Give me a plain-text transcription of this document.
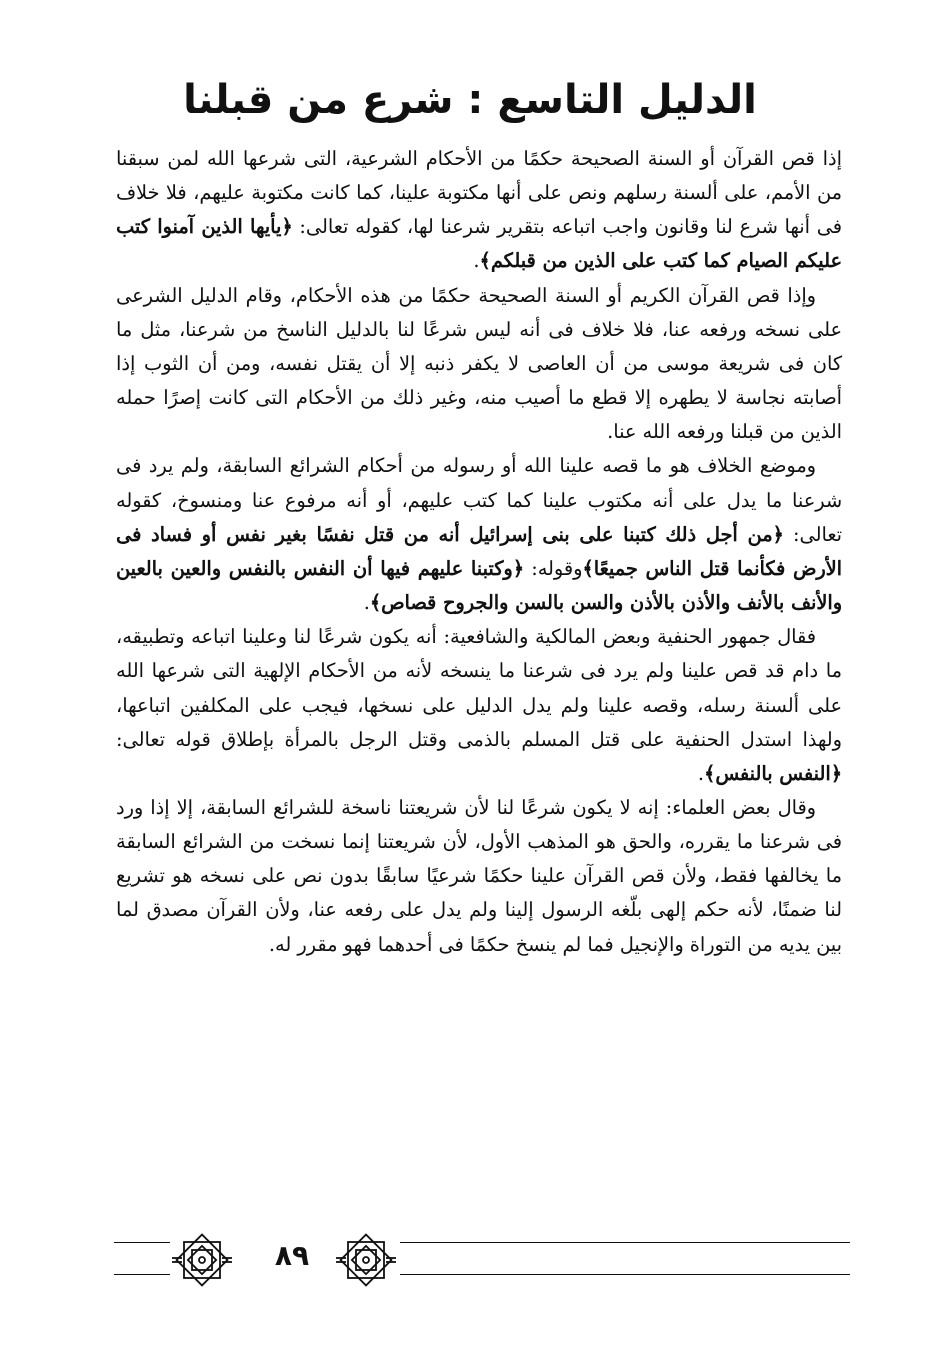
الدليل التاسع : شرع من قبلنا

إذا قص القرآن أو السنة الصحيحة حكمًا من الأحكام الشرعية، التى شرعها الله لمن سبقنا من الأمم، على ألسنة رسلهم ونص على أنها مكتوبة علينا، كما كانت مكتوبة عليهم، فلا خلاف فى أنها شرع لنا وقانون واجب اتباعه بتقرير شرعنا لها، كقوله تعالى: ﴿يأيها الذين آمنوا كتب عليكم الصيام كما كتب على الذين من قبلكم﴾.

وإذا قص القرآن الكريم أو السنة الصحيحة حكمًا من هذه الأحكام، وقام الدليل الشرعى على نسخه ورفعه عنا، فلا خلاف فى أنه ليس شرعًا لنا بالدليل الناسخ من شرعنا، مثل ما كان فى شريعة موسى من أن العاصى لا يكفر ذنبه إلا أن يقتل نفسه، ومن أن الثوب إذا أصابته نجاسة لا يطهره إلا قطع ما أصيب منه، وغير ذلك من الأحكام التى كانت إصرًا حمله الذين من قبلنا ورفعه الله عنا.

وموضع الخلاف هو ما قصه علينا الله أو رسوله من أحكام الشرائع السابقة، ولم يرد فى شرعنا ما يدل على أنه مكتوب علينا كما كتب عليهم، أو أنه مرفوع عنا ومنسوخ، كقوله تعالى: ﴿من أجل ذلك كتبنا على بنى إسرائيل أنه من قتل نفسًا بغير نفس أو فساد فى الأرض فكأنما قتل الناس جميعًا﴾وقوله: ﴿وكتبنا عليهم فيها أن النفس بالنفس والعين بالعين والأنف بالأنف والأذن بالأذن والسن بالسن والجروح قصاص﴾.

فقال جمهور الحنفية وبعض المالكية والشافعية: أنه يكون شرعًا لنا وعلينا اتباعه وتطبيقه، ما دام قد قص علينا ولم يرد فى شرعنا ما ينسخه لأنه من الأحكام الإلهية التى شرعها الله على ألسنة رسله، وقصه علينا ولم يدل الدليل على نسخها، فيجب على المكلفين اتباعها، ولهذا استدل الحنفية على قتل المسلم بالذمى وقتل الرجل بالمرأة بإطلاق قوله تعالى: ﴿النفس بالنفس﴾.

وقال بعض العلماء: إنه لا يكون شرعًا لنا لأن شريعتنا ناسخة للشرائع السابقة، إلا إذا ورد فى شرعنا ما يقرره، والحق هو المذهب الأول، لأن شريعتنا إنما نسخت من الشرائع السابقة ما يخالفها فقط، ولأن قص القرآن علينا حكمًا شرعيًا سابقًا بدون نص على نسخه هو تشريع لنا ضمنًا، لأنه حكم إلهى بلّغه الرسول إلينا ولم يدل على رفعه عنا، ولأن القرآن مصدق لما بين يديه من التوراة والإنجيل فما لم ينسخ حكمًا فى أحدهما فهو مقرر له.

٨٩
